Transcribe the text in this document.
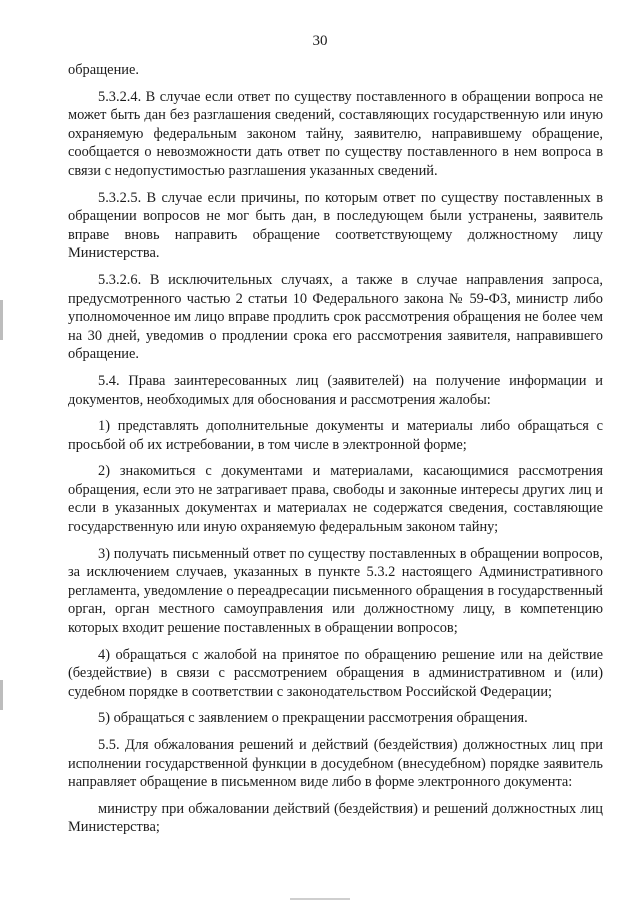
30

обращение.

5.3.2.4. В случае если ответ по существу поставленного в обращении вопроса не может быть дан без разглашения сведений, составляющих государственную или иную охраняемую федеральным законом тайну, заявителю, направившему обращение, сообщается о невозможности дать ответ по существу поставленного в нем вопроса в связи с недопустимостью разглашения указанных сведений.

5.3.2.5. В случае если причины, по которым ответ по существу поставленных в обращении вопросов не мог быть дан, в последующем были устранены, заявитель вправе вновь направить обращение соответствующему должностному лицу Министерства.

5.3.2.6. В исключительных случаях, а также в случае направления запроса, предусмотренного частью 2 статьи 10 Федерального закона № 59-ФЗ, министр либо уполномоченное им лицо вправе продлить срок рассмотрения обращения не более чем на 30 дней, уведомив о продлении срока его рассмотрения заявителя, направившего обращение.

5.4. Права заинтересованных лиц (заявителей) на получение информации и документов, необходимых для обоснования и рассмотрения жалобы:

1) представлять дополнительные документы и материалы либо обращаться с просьбой об их истребовании, в том числе в электронной форме;

2) знакомиться с документами и материалами, касающимися рассмотрения обращения, если это не затрагивает права, свободы и законные интересы других лиц и если в указанных документах и материалах не содержатся сведения, составляющие государственную или иную охраняемую федеральным законом тайну;

3) получать письменный ответ по существу поставленных в обращении вопросов, за исключением случаев, указанных в пункте 5.3.2 настоящего Административного регламента, уведомление о переадресации письменного обращения в государственный орган, орган местного самоуправления или должностному лицу, в компетенцию которых входит решение поставленных в обращении вопросов;

4) обращаться с жалобой на принятое по обращению решение или на действие (бездействие) в связи с рассмотрением обращения в административном и (или) судебном порядке в соответствии с законодательством Российской Федерации;

5) обращаться с заявлением о прекращении рассмотрения обращения.

5.5. Для обжалования решений и действий (бездействия) должностных лиц при исполнении государственной функции в досудебном (внесудебном) порядке заявитель направляет обращение в письменном виде либо в форме электронного документа:

министру при обжаловании действий (бездействия) и решений должностных лиц Министерства;
